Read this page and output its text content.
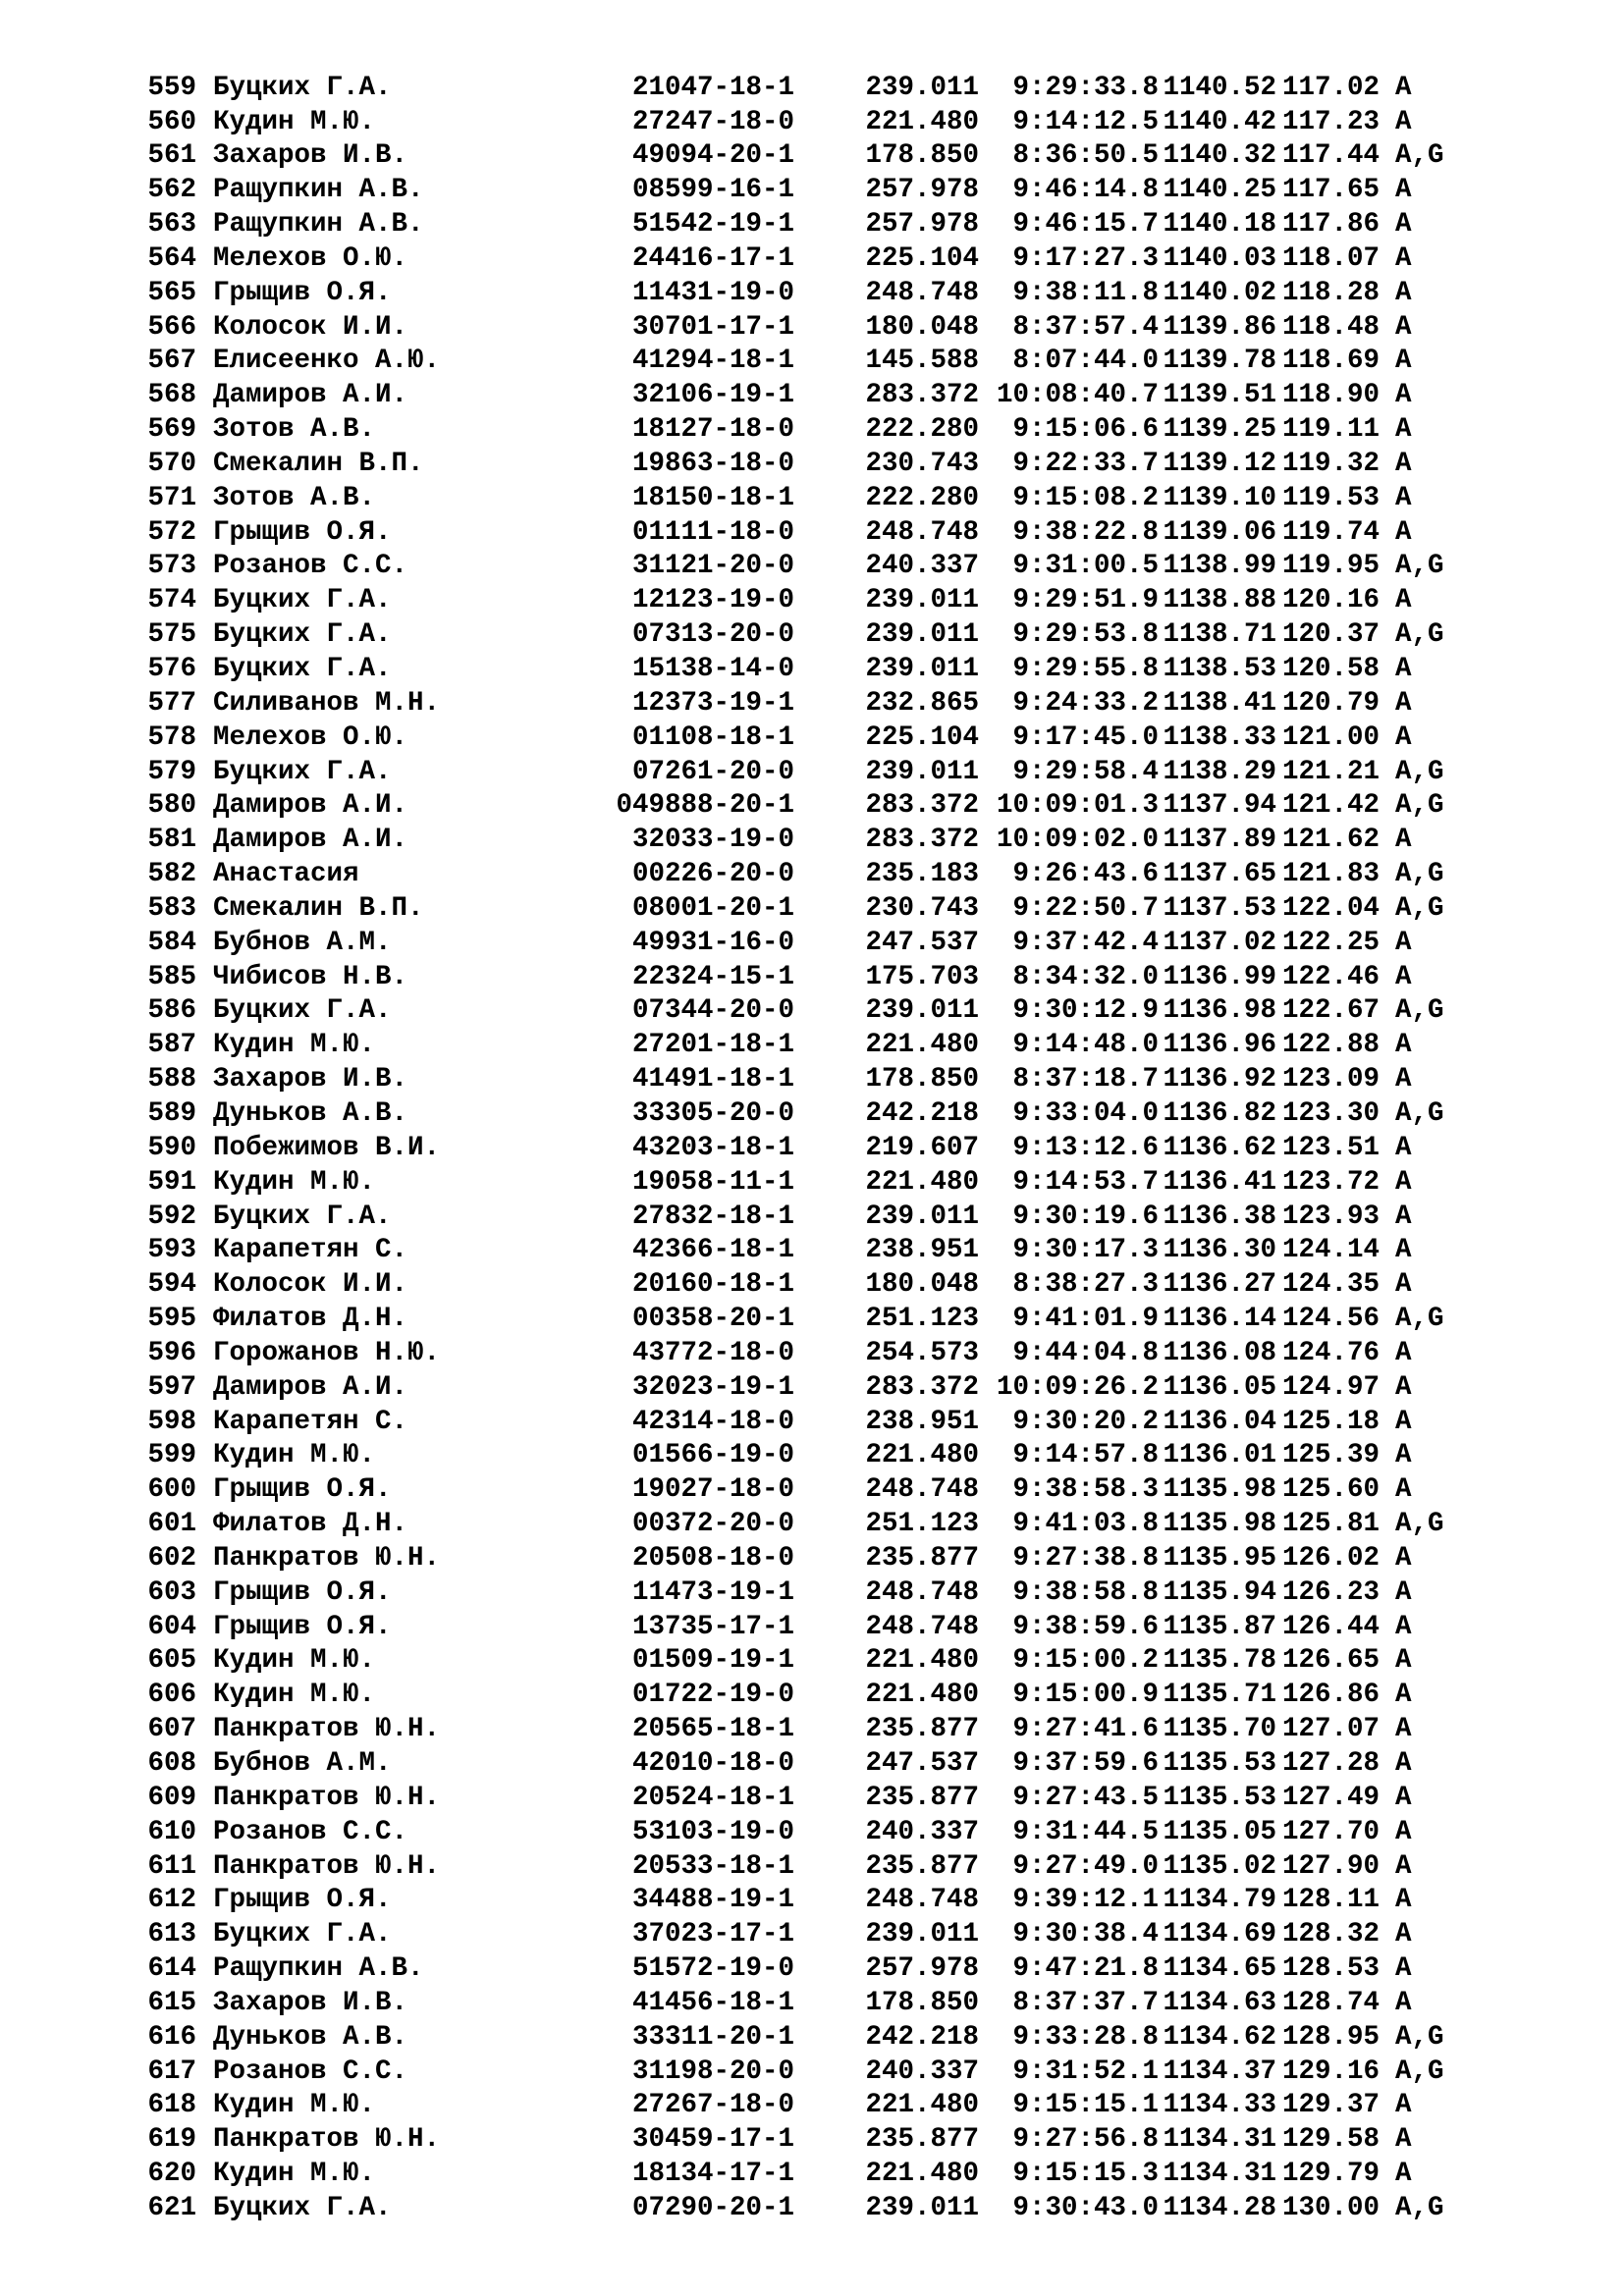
559 Буцких Г.А.	21047-18-1	239.011	9:29:33.8 1140.52 117.02 A
560 Кудин М.Ю.	27247-18-0	221.480	9:14:12.5 1140.42 117.23 A
561 Захаров И.В.	49094-20-1	178.850	8:36:50.5 1140.32 117.44 A,G
562 Ращупкин А.В.	08599-16-1	257.978	9:46:14.8 1140.25 117.65 A
563 Ращупкин А.В.	51542-19-1	257.978	9:46:15.7 1140.18 117.86 A
564 Мелехов О.Ю.	24416-17-1	225.104	9:17:27.3 1140.03 118.07 A
565 Грыщив О.Я.	11431-19-0	248.748	9:38:11.8 1140.02 118.28 A
566 Колосок И.И.	30701-17-1	180.048	8:37:57.4 1139.86 118.48 A
567 Елисеенко А.Ю.	41294-18-1	145.588	8:07:44.0 1139.78 118.69 A
568 Дамиров А.И.	32106-19-1	283.372 10:08:40.7 1139.51 118.90 A
569 Зотов А.В.	18127-18-0	222.280	9:15:06.6 1139.25 119.11 A
570 Смекалин В.П.	19863-18-0	230.743	9:22:33.7 1139.12 119.32 A
571 Зотов А.В.	18150-18-1	222.280	9:15:08.2 1139.10 119.53 A
572 Грыщив О.Я.	01111-18-0	248.748	9:38:22.8 1139.06 119.74 A
573 Розанов С.С.	31121-20-0	240.337	9:31:00.5 1138.99 119.95 A,G
574 Буцких Г.А.	12123-19-0	239.011	9:29:51.9 1138.88 120.16 A
575 Буцких Г.А.	07313-20-0	239.011	9:29:53.8 1138.71 120.37 A,G
576 Буцких Г.А.	15138-14-0	239.011	9:29:55.8 1138.53 120.58 A
577 Силиванов М.Н.	12373-19-1	232.865	9:24:33.2 1138.41 120.79 A
578 Мелехов О.Ю.	01108-18-1	225.104	9:17:45.0 1138.33 121.00 A
579 Буцких Г.А.	07261-20-0	239.011	9:29:58.4 1138.29 121.21 A,G
580 Дамиров А.И.	049888-20-1	283.372 10:09:01.3 1137.94 121.42 A,G
581 Дамиров А.И.	32033-19-0	283.372 10:09:02.0 1137.89 121.62 A
582 Анастасия	00226-20-0	235.183	9:26:43.6 1137.65 121.83 A,G
583 Смекалин В.П.	08001-20-1	230.743	9:22:50.7 1137.53 122.04 A,G
584 Бубнов А.М.	49931-16-0	247.537	9:37:42.4 1137.02 122.25 A
585 Чибисов Н.В.	22324-15-1	175.703	8:34:32.0 1136.99 122.46 A
586 Буцких Г.А.	07344-20-0	239.011	9:30:12.9 1136.98 122.67 A,G
587 Кудин М.Ю.	27201-18-1	221.480	9:14:48.0 1136.96 122.88 A
588 Захаров И.В.	41491-18-1	178.850	8:37:18.7 1136.92 123.09 A
589 Дуньков А.В.	33305-20-0	242.218	9:33:04.0 1136.82 123.30 A,G
590 Побежимов В.И.	43203-18-1	219.607	9:13:12.6 1136.62 123.51 A
591 Кудин М.Ю.	19058-11-1	221.480	9:14:53.7 1136.41 123.72 A
592 Буцких Г.А.	27832-18-1	239.011	9:30:19.6 1136.38 123.93 A
593 Карапетян С.	42366-18-1	238.951	9:30:17.3 1136.30 124.14 A
594 Колосок И.И.	20160-18-1	180.048	8:38:27.3 1136.27 124.35 A
595 Филатов Д.Н.	00358-20-1	251.123	9:41:01.9 1136.14 124.56 A,G
596 Горожанов Н.Ю.	43772-18-0	254.573	9:44:04.8 1136.08 124.76 A
597 Дамиров А.И.	32023-19-1	283.372 10:09:26.2 1136.05 124.97 A
598 Карапетян С.	42314-18-0	238.951	9:30:20.2 1136.04 125.18 A
599 Кудин М.Ю.	01566-19-0	221.480	9:14:57.8 1136.01 125.39 A
600 Грыщив О.Я.	19027-18-0	248.748	9:38:58.3 1135.98 125.60 A
601 Филатов Д.Н.	00372-20-0	251.123	9:41:03.8 1135.98 125.81 A,G
602 Панкратов Ю.Н.	20508-18-0	235.877	9:27:38.8 1135.95 126.02 A
603 Грыщив О.Я.	11473-19-1	248.748	9:38:58.8 1135.94 126.23 A
604 Грыщив О.Я.	13735-17-1	248.748	9:38:59.6 1135.87 126.44 A
605 Кудин М.Ю.	01509-19-1	221.480	9:15:00.2 1135.78 126.65 A
606 Кудин М.Ю.	01722-19-0	221.480	9:15:00.9 1135.71 126.86 A
607 Панкратов Ю.Н.	20565-18-1	235.877	9:27:41.6 1135.70 127.07 A
608 Бубнов А.М.	42010-18-0	247.537	9:37:59.6 1135.53 127.28 A
609 Панкратов Ю.Н.	20524-18-1	235.877	9:27:43.5 1135.53 127.49 A
610 Розанов С.С.	53103-19-0	240.337	9:31:44.5 1135.05 127.70 A
611 Панкратов Ю.Н.	20533-18-1	235.877	9:27:49.0 1135.02 127.90 A
612 Грыщив О.Я.	34488-19-1	248.748	9:39:12.1 1134.79 128.11 A
613 Буцких Г.А.	37023-17-1	239.011	9:30:38.4 1134.69 128.32 A
614 Ращупкин А.В.	51572-19-0	257.978	9:47:21.8 1134.65 128.53 A
615 Захаров И.В.	41456-18-1	178.850	8:37:37.7 1134.63 128.74 A
616 Дуньков А.В.	33311-20-1	242.218	9:33:28.8 1134.62 128.95 A,G
617 Розанов С.С.	31198-20-0	240.337	9:31:52.1 1134.37 129.16 A,G
618 Кудин М.Ю.	27267-18-0	221.480	9:15:15.1 1134.33 129.37 A
619 Панкратов Ю.Н.	30459-17-1	235.877	9:27:56.8 1134.31 129.58 A
620 Кудин М.Ю.	18134-17-1	221.480	9:15:15.3 1134.31 129.79 A
621 Буцких Г.А.	07290-20-1	239.011	9:30:43.0 1134.28 130.00 A,G
